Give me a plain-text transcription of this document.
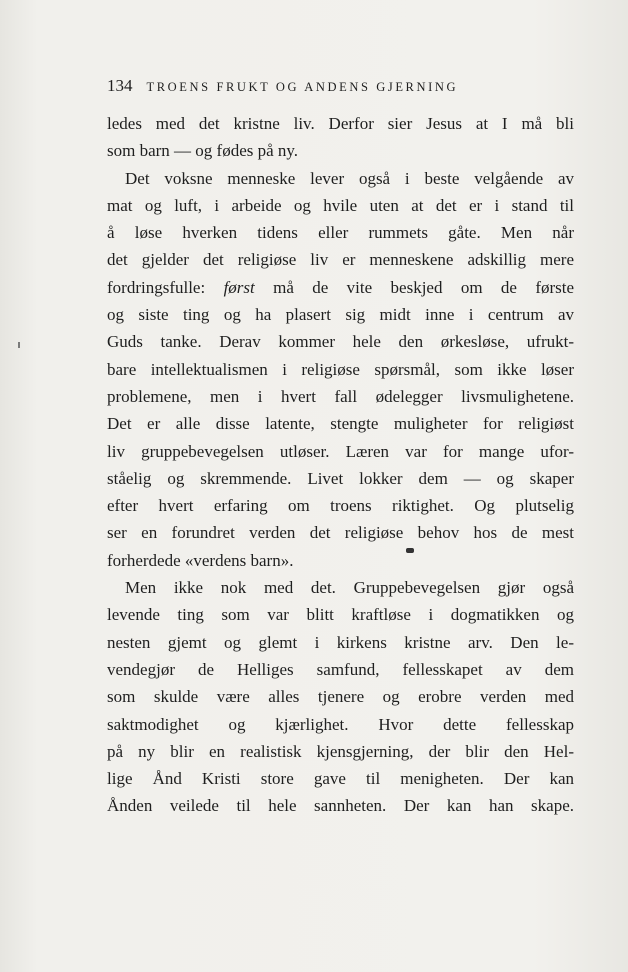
134 TROENS FRUKT OG ANDENS GJERNING
ledes med det kristne liv. Derfor sier Jesus at I må bli
som barn — og fødes på ny.
Det voksne menneske lever også i beste velgående av
mat og luft, i arbeide og hvile uten at det er i stand til
å løse hverken tidens eller rummets gåte. Men når
det gjelder det religiøse liv er menneskene adskillig mere
fordringsfulle: først må de vite beskjed om de første
og siste ting og ha plasert sig midt inne i centrum av
Guds tanke. Derav kommer hele den ørkesløse, ufrukt-
bare intellektualismen i religiøse spørsmål, som ikke løser
problemene, men i hvert fall ødelegger livsmulighetene.
Det er alle disse latente, stengte muligheter for religiøst
liv gruppebevegelsen utløser. Læren var for mange ufor-
ståelig og skremmende. Livet lokker dem — og skaper
efter hvert erfaring om troens riktighet. Og plutselig
ser en forundret verden det religiøse behov hos de mest
forherdede «verdens barn».
Men ikke nok med det. Gruppebevegelsen gjør også
levende ting som var blitt kraftløse i dogmatikken og
nesten gjemt og glemt i kirkens kristne arv. Den le-
vendegjør de Helliges samfund, fellesskapet av dem
som skulde være alles tjenere og erobre verden med
saktmodighet og kjærlighet. Hvor dette fellesskap
på ny blir en realistisk kjensgjerning, der blir den Hel-
lige Ånd Kristi store gave til menigheten. Der kan
Ånden veilede til hele sannheten. Der kan han skape.
